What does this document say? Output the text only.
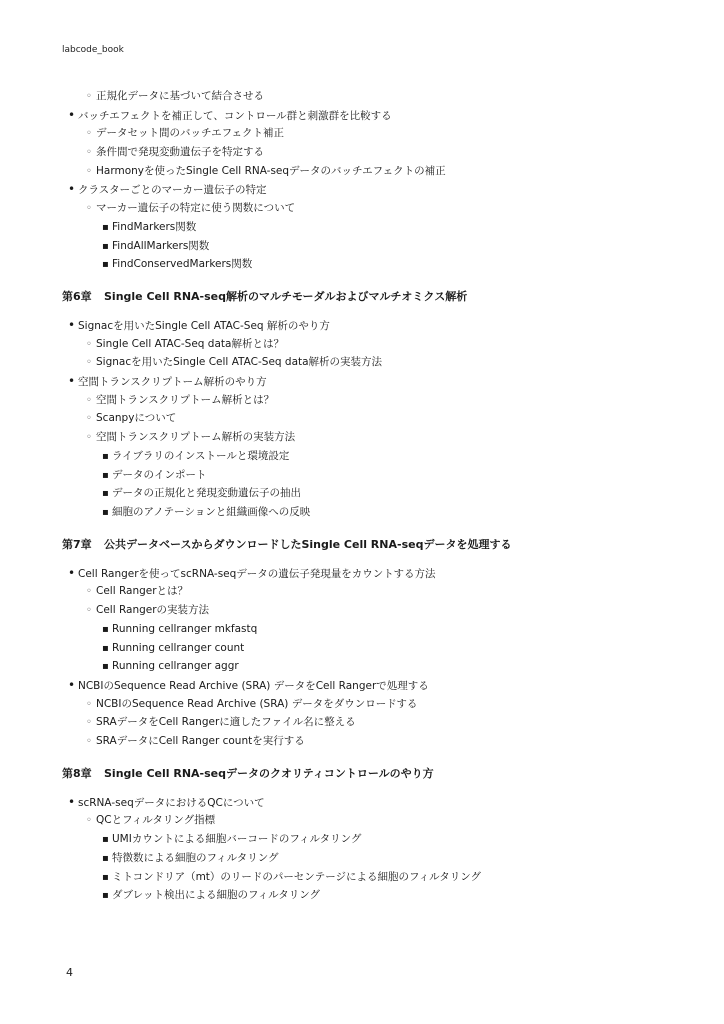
labcode_book
◦正規化データに基づいて結合させる
•バッチエフェクトを補正して、コントロール群と刺激群を比較する
◦データセット間のバッチエフェクト補正
◦条件間で発現変動遺伝子を特定する
◦Harmonyを使ったSingle Cell RNA-seqデータのバッチエフェクトの補正
•クラスターごとのマーカー遺伝子の特定
◦マーカー遺伝子の特定に使う関数について
▪FindMarkers関数
▪FindAllMarkers関数
▪FindConservedMarkers関数
第6章 Single Cell RNA-seq解析のマルチモーダルおよびマルチオミクス解析
•Signacを用いたSingle Cell ATAC-Seq 解析のやり方
◦Single Cell ATAC-Seq data解析とは？
◦Signacを用いたSingle Cell ATAC-Seq data解析の実装方法
•空間トランスクリプトーム解析のやり方
◦空間トランスクリプトーム解析とは？
◦Scanpyについて
◦空間トランスクリプトーム解析の実装方法
▪ライブラリのインストールと環境設定
▪データのインポート
▪データの正規化と発現変動遺伝子の抽出
▪細胞のアノテーションと組織画像への反映
第7章 公共データベースからダウンロードしたSingle Cell RNA-seqデータを処理する
•Cell Rangerを使ってscRNA-seqデータの遺伝子発現量をカウントする方法
◦Cell Rangerとは？
◦Cell Rangerの実装方法
▪Running cellranger mkfastq
▪Running cellranger count
▪Running cellranger aggr
•NCBIのSequence Read Archive (SRA) データをCell Rangerで処理する
◦NCBIのSequence Read Archive (SRA) データをダウンロードする
◦SRAデータをCell Rangerに適したファイル名に整える
◦SRAデータにCell Ranger countを実行する
第8章 Single Cell RNA-seqデータのクオリティコントロールのやり方
•scRNA-seqデータにおけるQCについて
◦QCとフィルタリング指標
▪UMIカウントによる細胞バーコードのフィルタリング
▪特徴数による細胞のフィルタリング
▪ミトコンドリア（mt）のリードのパーセンテージによる細胞のフィルタリング
▪ダブレット検出による細胞のフィルタリング
4
